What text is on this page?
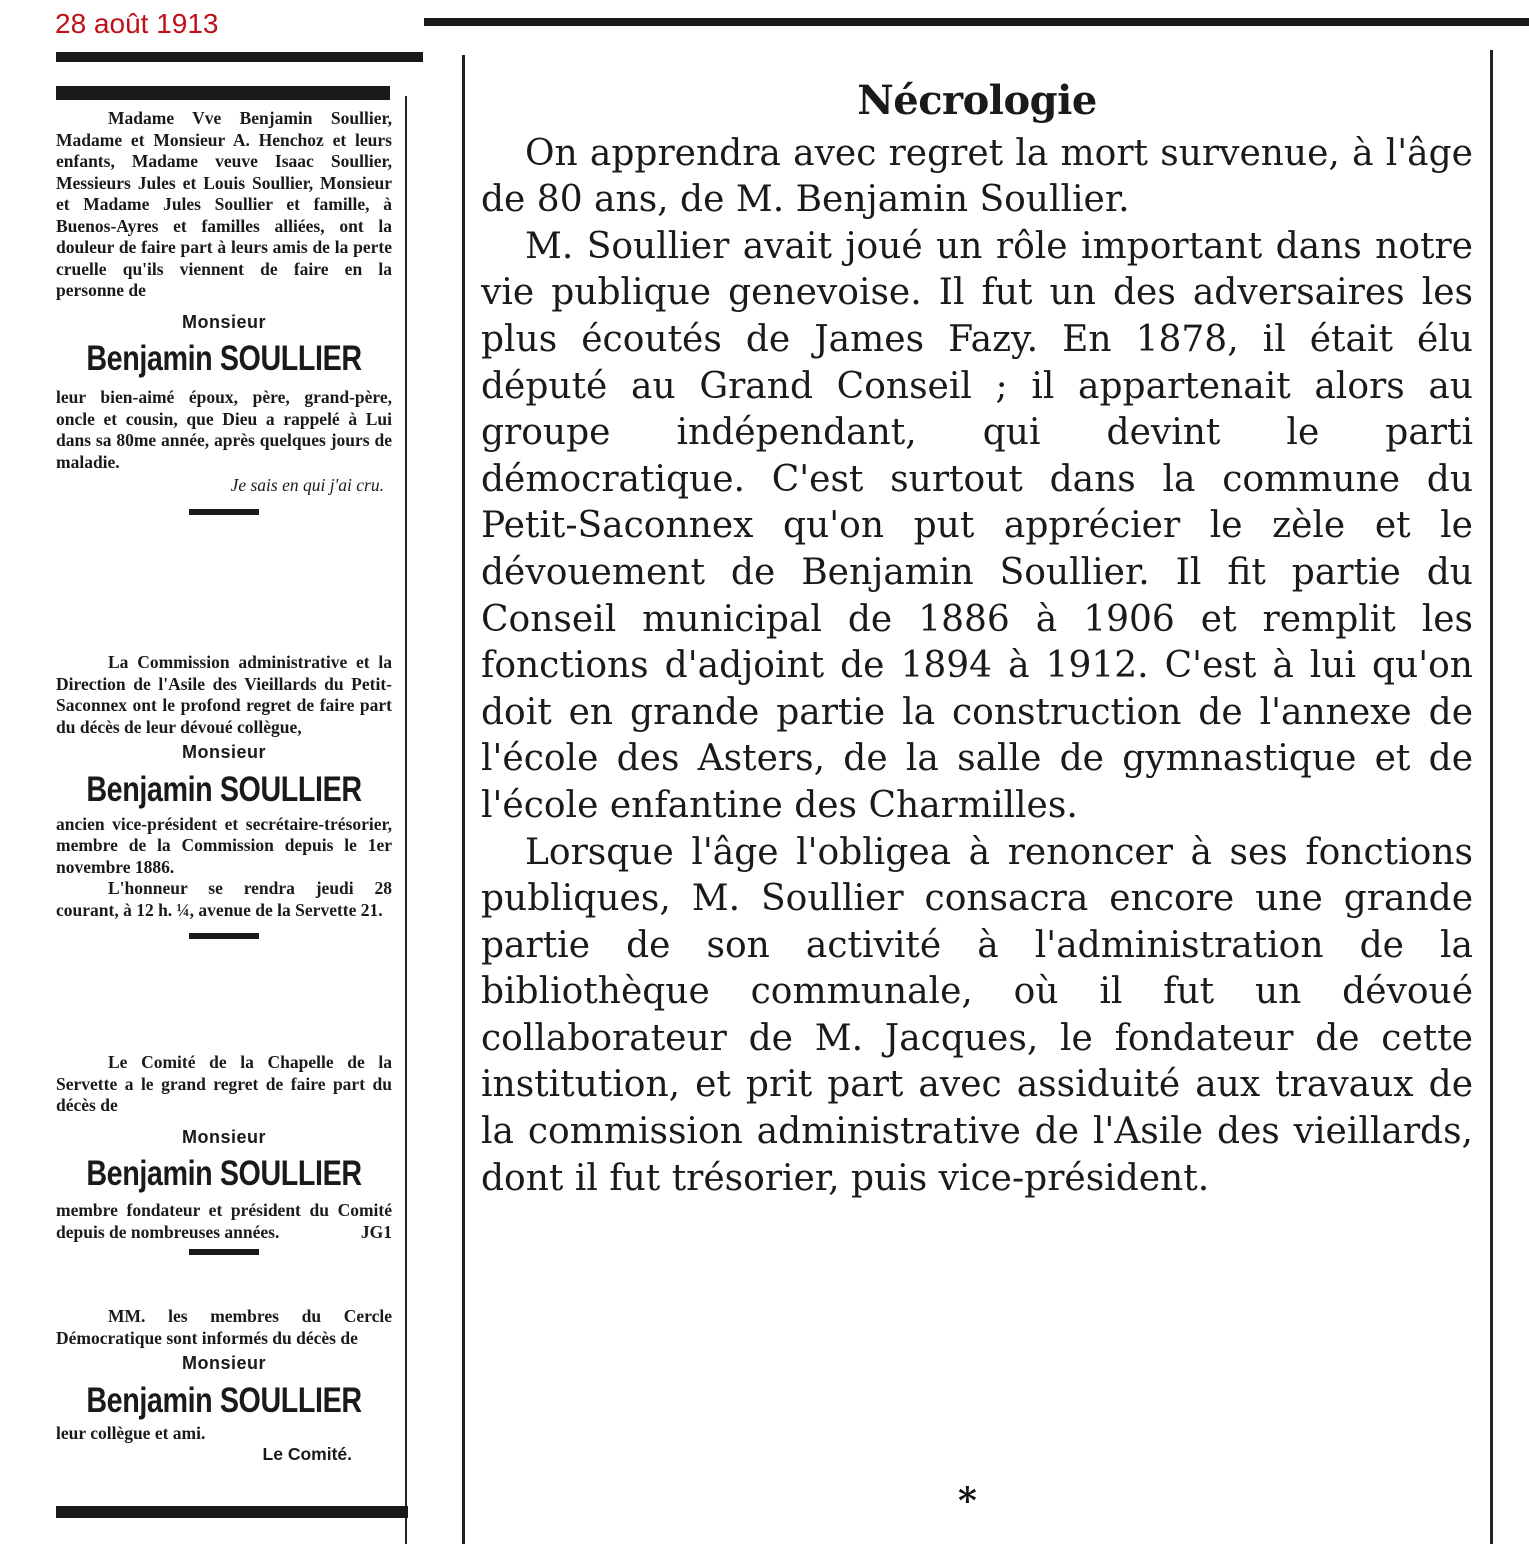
28 août 1913
Madame Vve Benjamin Soullier, Madame et Monsieur A. Henchoz et leurs enfants, Madame veuve Isaac Soullier, Messieurs Jules et Louis Soullier, Monsieur et Madame Jules Soullier et famille, à Buenos-Ayres et familles alliées, ont la douleur de faire part à leurs amis de la perte cruelle qu'ils viennent de faire en la personne de
Monsieur
Benjamin SOULLIER
leur bien-aimé époux, père, grand-père, oncle et cousin, que Dieu a rappelé à Lui dans sa 80me année, après quelques jours de maladie.
Je sais en qui j'ai cru.
La Commission administrative et la Direction de l'Asile des Vieillards du Petit-Saconnex ont le profond regret de faire part du décès de leur dévoué collègue,
Monsieur
Benjamin SOULLIER
ancien vice-président et secrétaire-trésorier, membre de la Commission depuis le 1er novembre 1886.
L'honneur se rendra jeudi 28 courant, à 12 h. ¼, avenue de la Servette 21.
Le Comité de la Chapelle de la Servette a le grand regret de faire part du décès de
Monsieur
Benjamin SOULLIER
membre fondateur et président du Comité depuis de nombreuses années.	JG1
MM. les membres du Cercle Démocratique sont informés du décès de
Monsieur
Benjamin SOULLIER
leur collègue et ami.
Le Comité.
Nécrologie

On apprendra avec regret la mort survenue, à l'âge de 80 ans, de M. Benjamin Soullier.

M. Soullier avait joué un rôle important dans notre vie publique genevoise. Il fut un des adversaires les plus écoutés de James Fazy. En 1878, il était élu député au Grand Conseil ; il appartenait alors au groupe indépendant, qui devint le parti démocratique. C'est surtout dans la commune du Petit-Saconnex qu'on put apprécier le zèle et le dévouement de Benjamin Soullier. Il fit partie du Conseil municipal de 1886 à 1906 et remplit les fonctions d'adjoint de 1894 à 1912. C'est à lui qu'on doit en grande partie la construction de l'annexe de l'école des Asters, de la salle de gymnastique et de l'école enfantine des Charmilles.

Lorsque l'âge l'obligea à renoncer à ses fonctions publiques, M. Soullier consacra encore une grande partie de son activité à l'administration de la bibliothèque communale, où il fut un dévoué collaborateur de M. Jacques, le fondateur de cette institution, et prit part avec assiduité aux travaux de la commission administrative de l'Asile des vieillards, dont il fut trésorier, puis vice-président.

*
